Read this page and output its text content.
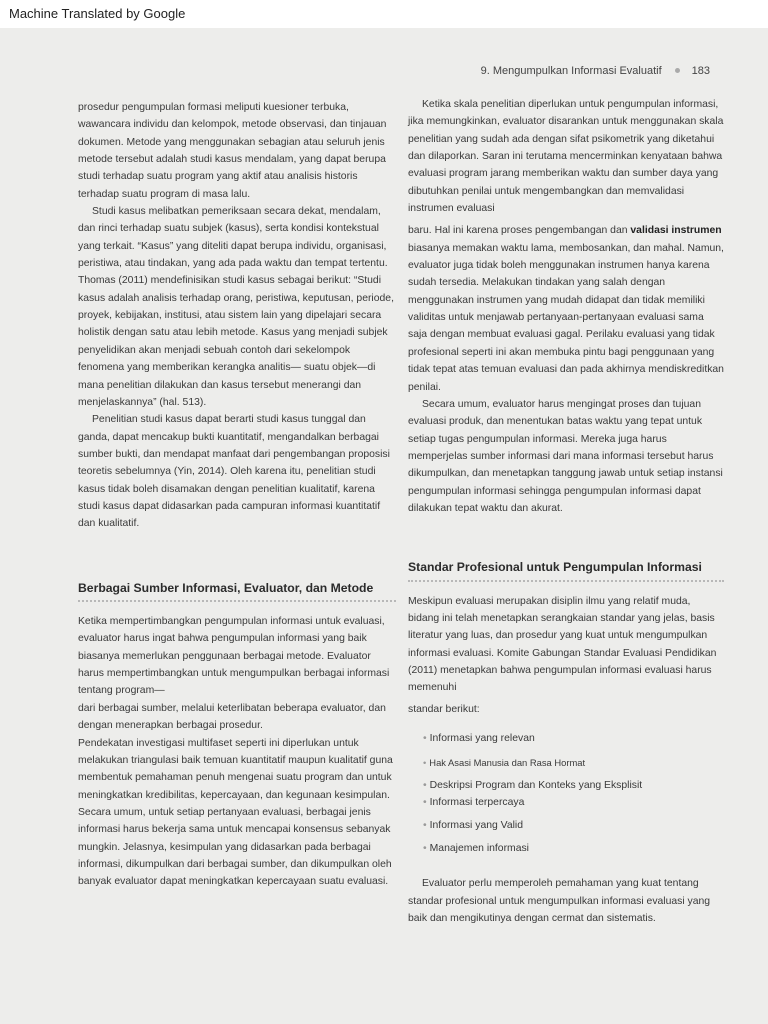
Machine Translated by Google
9. Mengumpulkan Informasi Evaluatif	183

prosedur pengumpulan formasi meliputi kuesioner terbuka, wawancara individu dan kelompok, metode observasi, dan tinjauan dokumen. Metode yang menggunakan sebagian atau seluruh jenis metode tersebut adalah studi kasus mendalam, yang dapat berupa studi terhadap suatu program yang aktif atau analisis historis terhadap suatu program di masa lalu.

Studi kasus melibatkan pemeriksaan secara dekat, mendalam, dan rinci terhadap suatu subjek (kasus), serta kondisi kontekstual yang terkait. “Kasus” yang diteliti dapat berupa individu, organisasi, peristiwa, atau tindakan, yang ada pada waktu dan tempat tertentu. Thomas (2011) mendefinisikan studi kasus sebagai berikut: “Studi kasus adalah analisis terhadap orang, peristiwa, keputusan, periode, proyek, kebijakan, institusi, atau sistem lain yang dipelajari secara holistik dengan satu atau lebih metode. Kasus yang menjadi subjek penyelidikan akan menjadi sebuah contoh dari sekelompok fenomena yang memberikan kerangka analitis— suatu objek—di mana penelitian dilakukan dan kasus tersebut menerangi dan menjelaskannya” (hal. 513).

Penelitian studi kasus dapat berarti studi kasus tunggal dan ganda, dapat mencakup bukti kuantitatif, mengandalkan berbagai sumber bukti, dan mendapat manfaat dari pengembangan proposisi teoretis sebelumnya (Yin, 2014). Oleh karena itu, penelitian studi kasus tidak boleh disamakan dengan penelitian kualitatif, karena studi kasus dapat didasarkan pada campuran informasi kuantitatif dan kualitatif.

Berbagai Sumber Informasi, Evaluator, dan Metode

Ketika mempertimbangkan pengumpulan informasi untuk evaluasi, evaluator harus ingat bahwa pengumpulan informasi yang baik biasanya memerlukan penggunaan berbagai metode. Evaluator harus mempertimbangkan untuk mengumpulkan berbagai informasi tentang program—

dari berbagai sumber, melalui keterlibatan beberapa evaluator, dan dengan menerapkan berbagai prosedur.

Pendekatan investigasi multifaset seperti ini diperlukan untuk melakukan triangulasi baik temuan kuantitatif maupun kualitatif guna membentuk pemahaman penuh mengenai suatu program dan untuk meningkatkan kredibilitas, kepercayaan, dan kegunaan kesimpulan. Secara umum, untuk setiap pertanyaan evaluasi, berbagai jenis informasi harus bekerja sama untuk mencapai konsensus sebanyak mungkin. Jelasnya, kesimpulan yang didasarkan pada berbagai informasi, dikumpulkan dari berbagai sumber, dan dikumpulkan oleh banyak evaluator dapat meningkatkan kepercayaan suatu evaluasi.

Ketika skala penelitian diperlukan untuk pengumpulan informasi, jika memungkinkan, evaluator disarankan untuk menggunakan skala penelitian yang sudah ada dengan sifat psikometrik yang diketahui dan dilaporkan. Saran ini terutama mencerminkan kenyataan bahwa evaluasi program jarang memberikan waktu dan sumber daya yang dibutuhkan penilai untuk mengembangkan dan memvalidasi instrumen evaluasi

baru. Hal ini karena proses pengembangan dan validasi instrumen biasanya memakan waktu lama, membosankan, dan mahal. Namun, evaluator juga tidak boleh menggunakan instrumen hanya karena sudah tersedia. Melakukan tindakan yang salah dengan menggunakan instrumen yang mudah didapat dan tidak memiliki validitas untuk menjawab pertanyaan-pertanyaan evaluasi sama saja dengan membuat evaluasi gagal. Perilaku evaluasi yang tidak profesional seperti ini akan membuka pintu bagi penggunaan yang tidak tepat atas temuan evaluasi dan pada akhirnya mendiskreditkan penilai.

Secara umum, evaluator harus mengingat proses dan tujuan evaluasi produk, dan menentukan batas waktu yang tepat untuk setiap tugas pengumpulan informasi. Mereka juga harus memperjelas sumber informasi dari mana informasi tersebut harus dikumpulkan, dan menetapkan tanggung jawab untuk setiap instansi pengumpulan informasi sehingga pengumpulan informasi dapat dilakukan tepat waktu dan akurat.

Standar Profesional untuk Pengumpulan Informasi

Meskipun evaluasi merupakan disiplin ilmu yang relatif muda, bidang ini telah menetapkan serangkaian standar yang jelas, basis literatur yang luas, dan prosedur yang kuat untuk mengumpulkan informasi evaluasi. Komite Gabungan Standar Evaluasi Pendidikan (2011) menetapkan bahwa pengumpulan informasi evaluasi harus memenuhi

standar berikut:

• Informasi yang relevan
• Hak Asasi Manusia dan Rasa Hormat
• Deskripsi Program dan Konteks yang Eksplisit
• Informasi terpercaya
• Informasi yang Valid
• Manajemen informasi

Evaluator perlu memperoleh pemahaman yang kuat tentang standar profesional untuk mengumpulkan informasi evaluasi yang baik dan mengikutinya dengan cermat dan sistematis.
